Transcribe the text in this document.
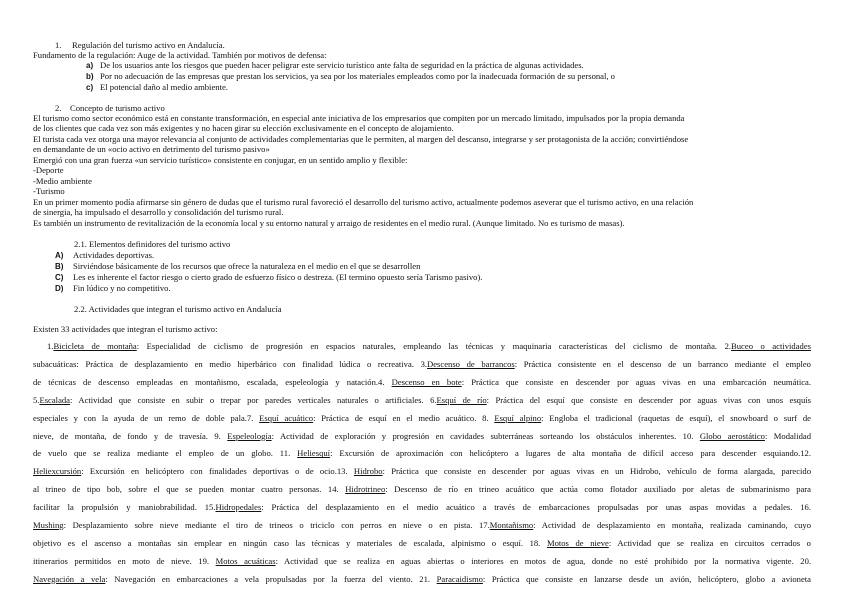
1. Regulación del turismo activo en Andalucía.
Fundamento de la regulación: Auge de la actividad. También por motivos de defensa:
a) De los usuarios ante los riesgos que pueden hacer peligrar este servicio turístico ante falta de seguridad en la práctica de algunas actividades.
b) Por no adecuación de las empresas que prestan los servicios, ya sea por los materiales empleados como por la inadecuada formación de su personal, o
c) El potencial daño al medio ambiente.
2. Concepto de turismo activo
El turismo como sector económico está en constante transformación, en especial ante iniciativa de los empresarios que compiten por un mercado limitado, impulsados por la propia demanda
de los clientes que cada vez son más exigentes y no hacen girar su elección exclusivamente en el concepto de alojamiento.
El turista cada vez otorga una mayor relevancia al conjunto de actividades complementarias que le permiten, al margen del descanso, integrarse y ser protagonista de la acción; convirtiéndose
en demandante de un «ocio activo en detrimento del turismo pasivo»
Emergió con una gran fuerza «un servicio turístico» consistente en conjugar, en un sentido amplio y flexible:
-Deporte
-Medio ambiente
-Turismo
En un primer momento podía afirmarse sin género de dudas que el turismo rural favoreció el desarrollo del turismo activo, actualmente podemos aseverar que el turismo activo, en una relación
de sinergia, ha impulsado el desarrollo y consolidación del turismo rural.
Es también un instrumento de revitalización de la economía local y su entorno natural y arraigo de residentes en el medio rural. (Aunque limitado. No es turismo de masas).
2.1. Elementos definidores del turismo activo
A) Actividades deportivas.
B) Sirviéndose básicamente de los recursos que ofrece la naturaleza en el medio en el que se desarrollen
C) Les es inherente el factor riesgo o cierto grado de esfuerzo físico o destreza. (El termino opuesto sería Tarismo pasivo).
D) Fin lúdico y no competitivo.
2.2. Actividades que integran el turismo activo en Andalucía
Existen 33 actividades que integran el turismo activo:
1.Bicicleta de montaña: Especialidad de ciclismo de progresión en espacios naturales, empleando las técnicas y maquinaria características del ciclismo de montaña. 2.Buceo o actividades
subacuáticas: Práctica de desplazamiento en medio hiperbárico con finalidad lúdica o recreativa. 3.Descenso de barrancos: Práctica consistente en el descenso de un barranco mediante el empleo
de técnicas de descenso empleadas en montañismo, escalada, espeleología y natación.4. Descenso en bote: Práctica que consiste en descender por aguas vivas en una embarcación neumática.
5.Escalada: Actividad que consiste en subir o trepar por paredes verticales naturales o artificiales. 6.Esquí de río: Práctica del esquí que consiste en descender por aguas vivas con unos esquís
especiales y con la ayuda de un remo de doble pala.7. Esquí acuático: Práctica de esquí en el medio acuático. 8. Esquí alpino: Engloba el tradicional (raquetas de esquí), el snowboard o surf de
nieve, de montaña, de fondo y de travesía. 9. Espeleología: Actividad de exploración y progresión en cavidades subterráneas sorteando los obstáculos inherentes. 10. Globo aerostático: Modalidad
de vuelo que se realiza mediante el empleo de un globo. 11. Heliesquí: Excursión de aproximación con helicóptero a lugares de alta montaña de difícil acceso para descender esquiando.12.
Heliexcursión: Excursión en helicóptero con finalidades deportivas o de ocio.13. Hidrobo: Práctica que consiste en descender por aguas vivas en un Hidrobo, vehículo de forma alargada, parecido
al trineo de tipo bob, sobre el que se pueden montar cuatro personas. 14. Hidrotrineo: Descenso de río en trineo acuático que actúa como flotador auxiliado por aletas de submarinismo para
facilitar la propulsión y maniobrabilidad. 15.Hidropedales: Práctica del desplazamiento en el medio acuático a través de embarcaciones propulsadas por unas aspas movidas a pedales. 16.
Mushing: Desplazamiento sobre nieve mediante el tiro de trineos o triciclo con perros en nieve o en pista. 17.Montañismo: Actividad de desplazamiento en montaña, realizada caminando, cuyo
objetivo es el ascenso a montañas sin emplear en ningún caso las técnicas y materiales de escalada, alpinismo o esquí. 18. Motos de nieve: Actividad que se realiza en circuitos cerrados o
itinerarios permitidos en moto de nieve. 19. Motos acuáticas: Actividad que se realiza en aguas abiertas o interiores en motos de agua, donde no esté prohibido por la normativa vigente. 20.
Navegación a vela: Navegación en embarcaciones a vela propulsadas por la fuerza del viento. 21. Paracaidismo: Práctica que consiste en lanzarse desde un avión, helicóptero, globo a avioneta
